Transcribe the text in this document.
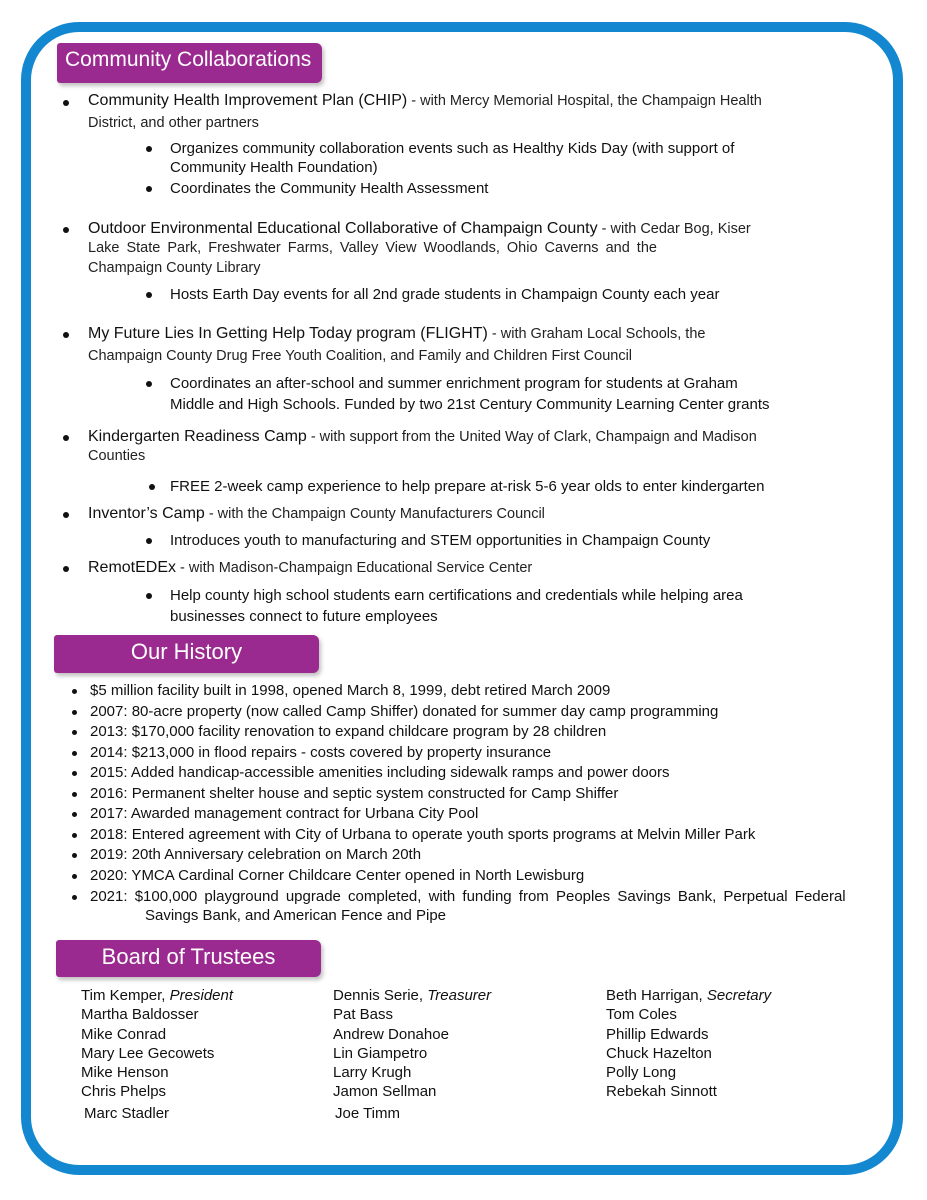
Community Collaborations
Community Health Improvement Plan (CHIP) - with Mercy Memorial Hospital, the Champaign Health
District, and other partners
Organizes community collaboration events such as Healthy Kids Day (with support of
Community Health Foundation)
Coordinates the Community Health Assessment
Outdoor Environmental Educational Collaborative of Champaign County - with Cedar Bog, Kiser
Lake State Park, Freshwater Farms, Valley View Woodlands, Ohio Caverns and the
Champaign County Library
Hosts Earth Day events for all 2nd grade students in Champaign County each year
My Future Lies In Getting Help Today program (FLIGHT) - with Graham Local Schools, the
Champaign County Drug Free Youth Coalition, and Family and Children First Council
Coordinates an after-school and summer enrichment program for students at Graham
Middle and High Schools. Funded by two 21st Century Community Learning Center grants
Kindergarten Readiness Camp - with support from the United Way of Clark, Champaign and Madison
Counties
FREE 2-week camp experience to help prepare at-risk 5-6 year olds to enter kindergarten
Inventor’s Camp - with the Champaign County Manufacturers Council
Introduces youth to manufacturing and STEM opportunities in Champaign County
RemotEDEx - with Madison-Champaign Educational Service Center
Help county high school students earn certifications and credentials while helping area
businesses connect to future employees
Our History
$5 million facility built in 1998, opened March 8, 1999, debt retired March 2009
2007: 80-acre property (now called Camp Shiffer) donated for summer day camp programming
2013: $170,000 facility renovation to expand childcare program by 28 children
2014: $213,000 in flood repairs - costs covered by property insurance
2015: Added handicap-accessible amenities including sidewalk ramps and power doors
2016: Permanent shelter house and septic system constructed for Camp Shiffer
2017: Awarded management contract for Urbana City Pool
2018: Entered agreement with City of Urbana to operate youth sports programs at Melvin Miller Park
2019: 20th Anniversary celebration on March 20th
2020: YMCA Cardinal Corner Childcare Center opened in North Lewisburg
2021: $100,000 playground upgrade completed, with funding from Peoples Savings Bank, Perpetual Federal
Savings Bank, and American Fence and Pipe
Board of Trustees
Tim Kemper, President
Martha Baldosser
Mike Conrad
Mary Lee Gecowets
Mike Henson
Chris Phelps
Marc Stadler
Dennis Serie, Treasurer
Pat Bass
Andrew Donahoe
Lin Giampetro
Larry Krugh
Jamon Sellman
Joe Timm
Beth Harrigan, Secretary
Tom Coles
Phillip Edwards
Chuck Hazelton
Polly Long
Rebekah Sinnott
